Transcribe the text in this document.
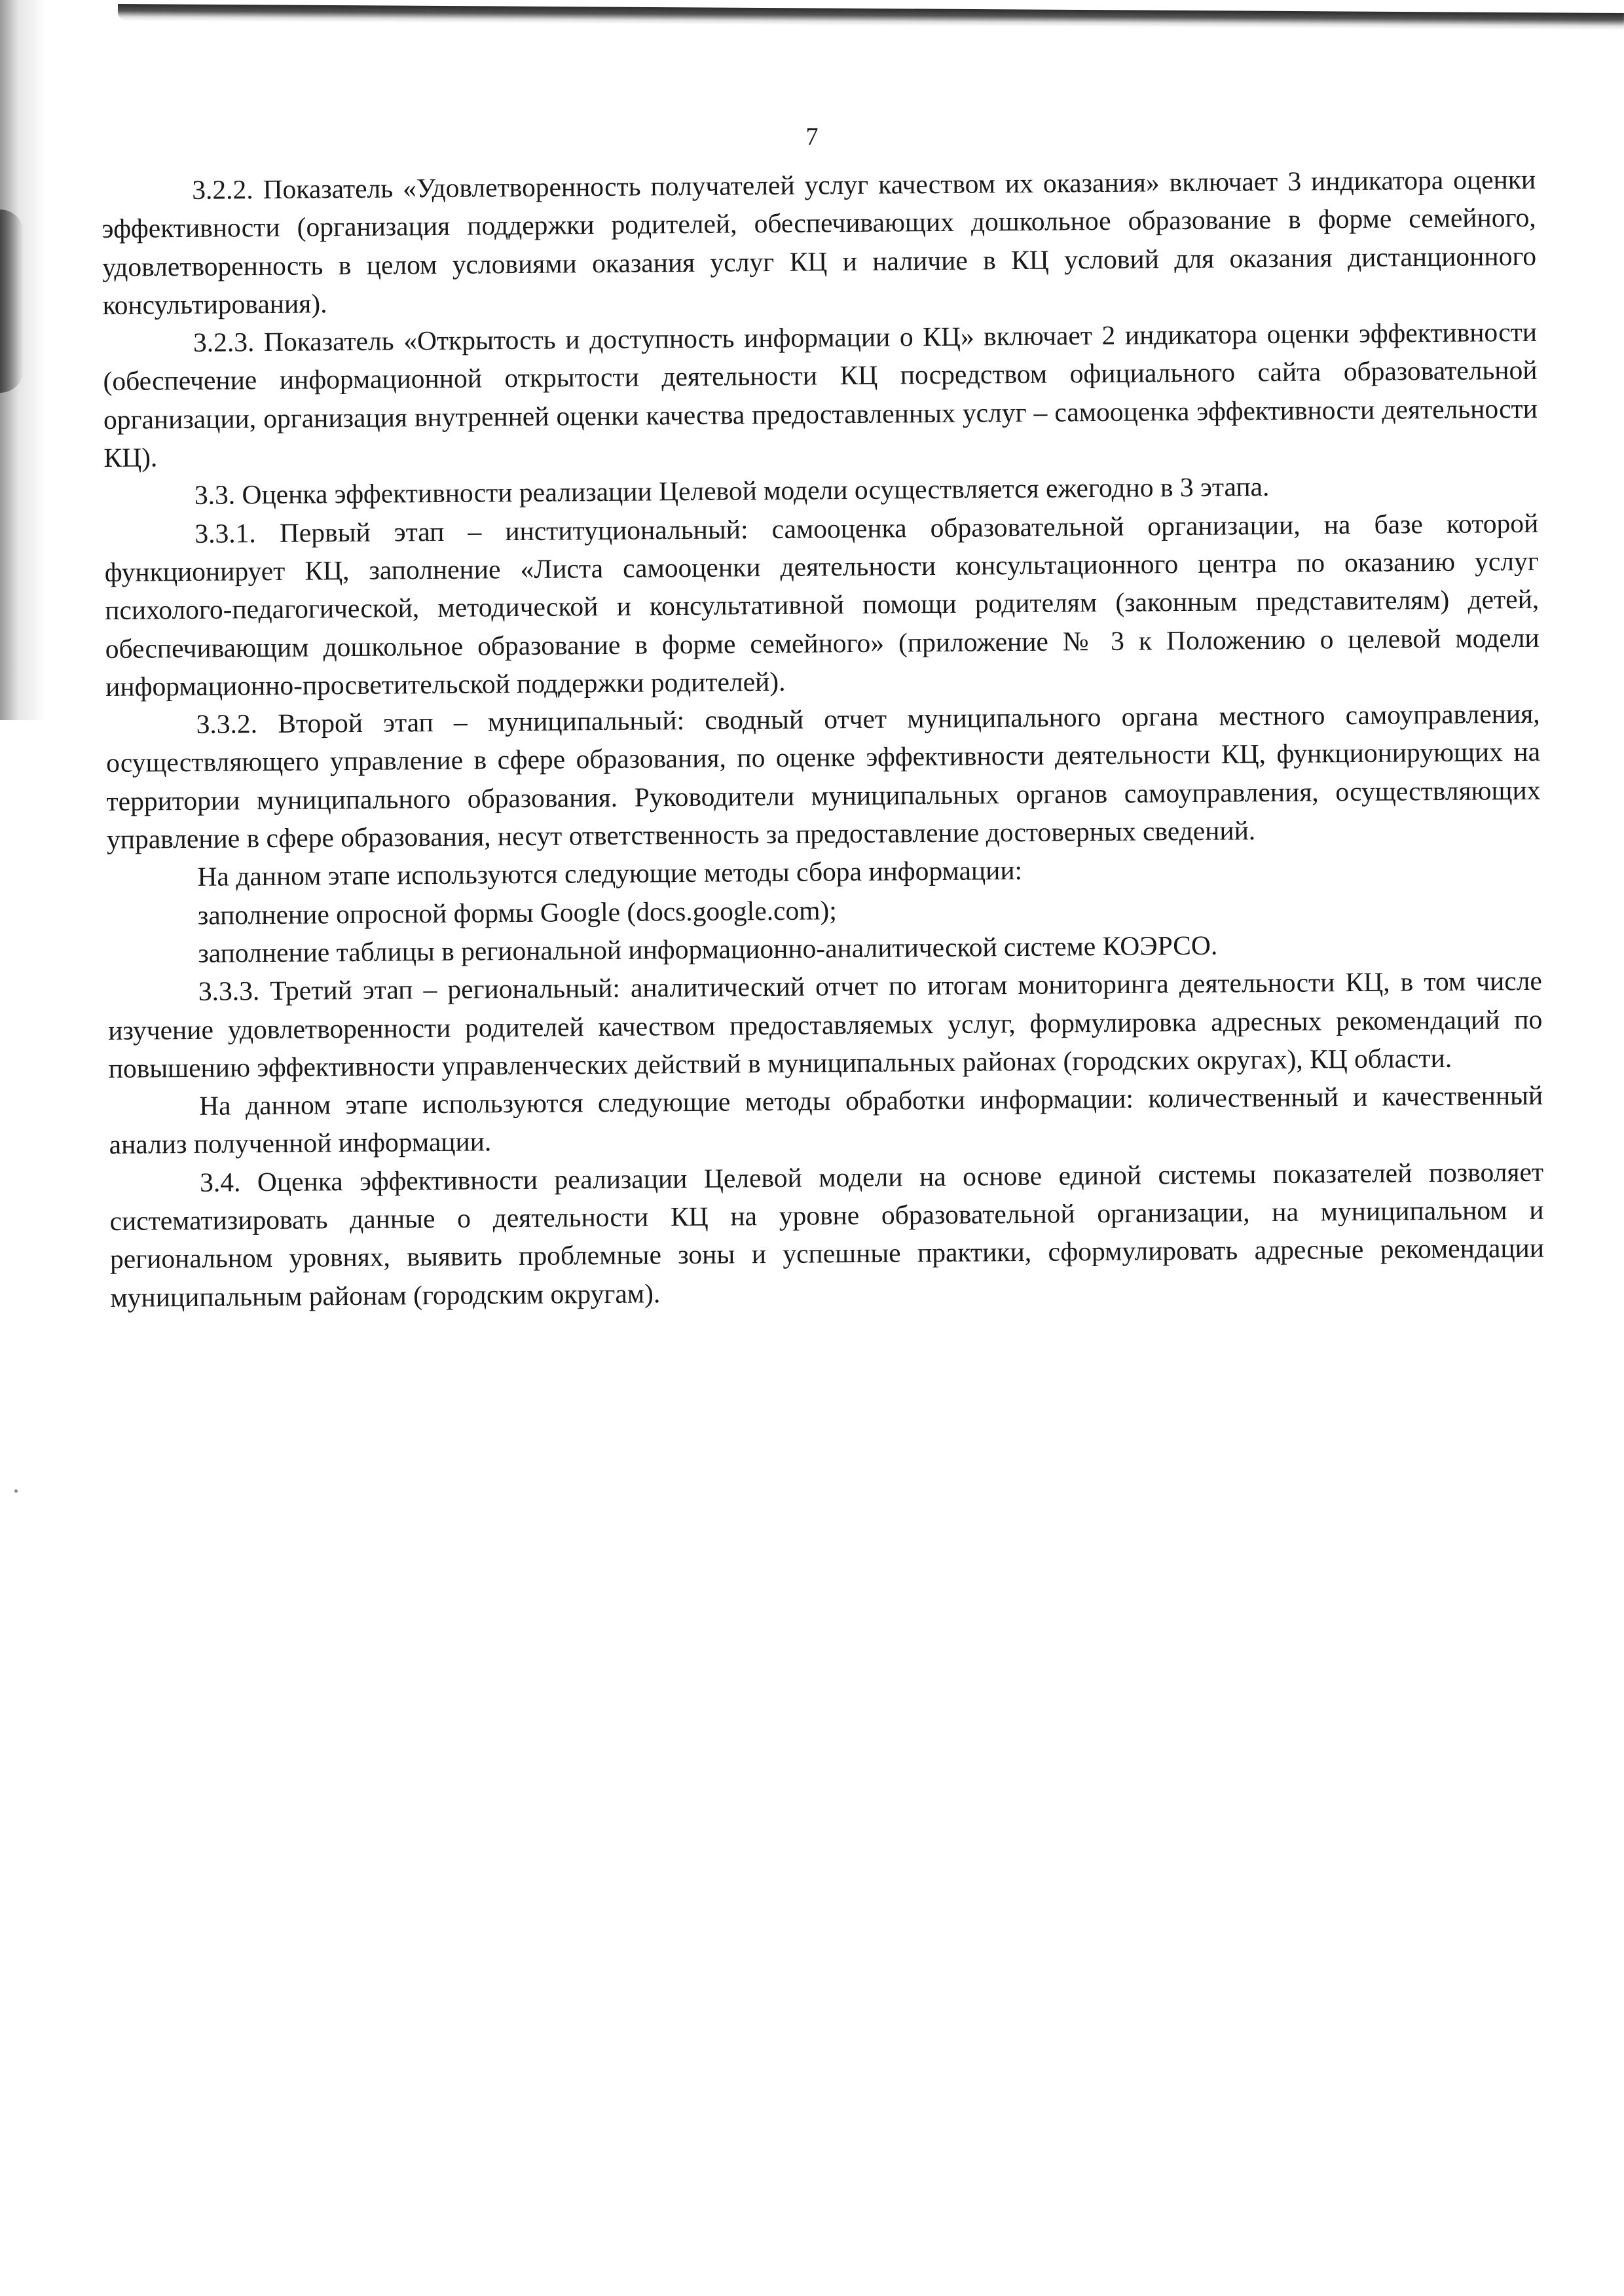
7

3.2.2. Показатель «Удовлетворенность получателей услуг качеством их оказания» включает 3 индикатора оценки эффективности (организация поддержки родителей, обеспечивающих дошкольное образование в форме семейного, удовлетворенность в целом условиями оказания услуг КЦ и наличие в КЦ условий для оказания дистанционного консультирования).

3.2.3. Показатель «Открытость и доступность информации о КЦ» включает 2 индикатора оценки эффективности (обеспечение информационной открытости деятельности КЦ посредством официального сайта образовательной организации, организация внутренней оценки качества предоставленных услуг – самооценка эффективности деятельности КЦ).

3.3. Оценка эффективности реализации Целевой модели осуществляется ежегодно в 3 этапа.

3.3.1. Первый этап – институциональный: самооценка образовательной организации, на базе которой функционирует КЦ, заполнение «Листа самооценки деятельности консультационного центра по оказанию услуг психолого-педагогической, методической и консультативной помощи родителям (законным представителям) детей, обеспечивающим дошкольное образование в форме семейного» (приложение № 3 к Положению о целевой модели информационно-просветительской поддержки родителей).

3.3.2. Второй этап – муниципальный: сводный отчет муниципального органа местного самоуправления, осуществляющего управление в сфере образования, по оценке эффективности деятельности КЦ, функционирующих на территории муниципального образования. Руководители муниципальных органов самоуправления, осуществляющих управление в сфере образования, несут ответственность за предоставление достоверных сведений.

На данном этапе используются следующие методы сбора информации:

заполнение опросной формы Google (docs.google.com);

заполнение таблицы в региональной информационно-аналитической системе КОЭРСО.

3.3.3. Третий этап – региональный: аналитический отчет по итогам мониторинга деятельности КЦ, в том числе изучение удовлетворенности родителей качеством предоставляемых услуг, формулировка адресных рекомендаций по повышению эффективности управленческих действий в муниципальных районах (городских округах), КЦ области.

На данном этапе используются следующие методы обработки информации: количественный и качественный анализ полученной информации.

3.4. Оценка эффективности реализации Целевой модели на основе единой системы показателей позволяет систематизировать данные о деятельности КЦ на уровне образовательной организации, на муниципальном и региональном уровнях, выявить проблемные зоны и успешные практики, сформулировать адресные рекомендации муниципальным районам (городским округам).
